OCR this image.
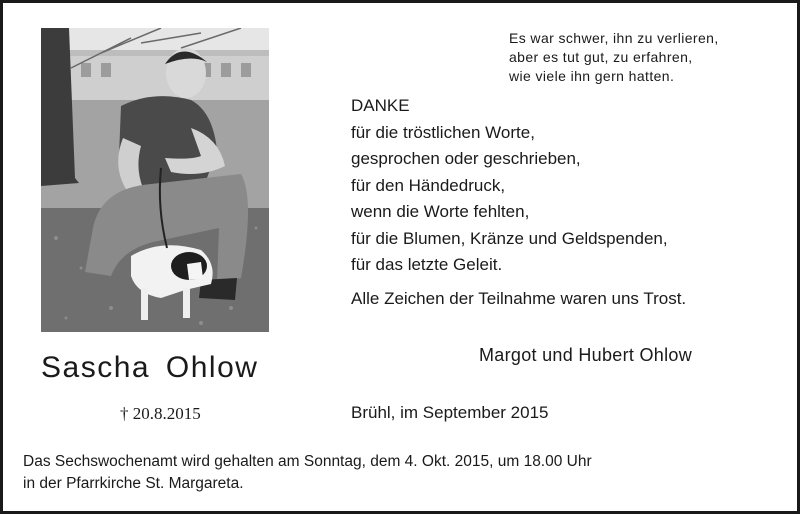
Es war schwer, ihn zu verlieren,
aber es tut gut, zu erfahren,
wie viele ihn gern hatten.
DANKE
für die tröstlichen Worte,
gesprochen oder geschrieben,
für den Händedruck,
wenn die Worte fehlten,
für die Blumen, Kränze und Geldspenden,
für das letzte Geleit.
Alle Zeichen der Teilnahme waren uns Trost.
Margot und Hubert Ohlow
Sascha Ohlow
† 20.8.2015	Brühl, im September 2015
Das Sechswochenamt wird gehalten am Sonntag, dem 4. Okt. 2015, um 18.00 Uhr
in der Pfarrkirche St. Margareta.
